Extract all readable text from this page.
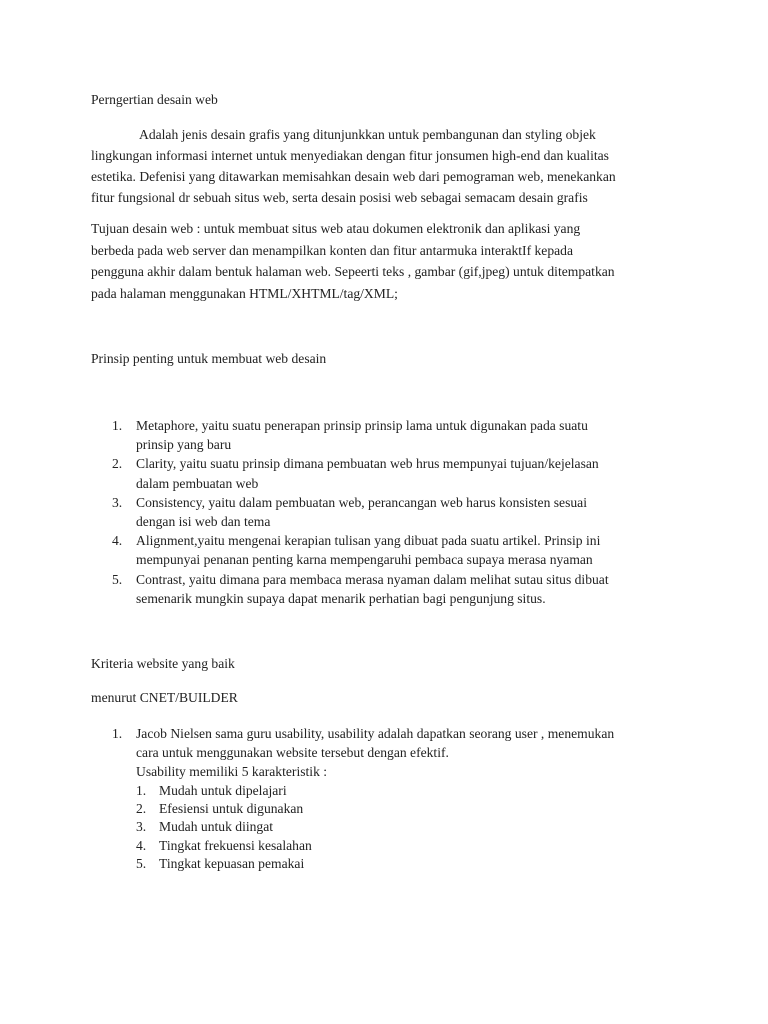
Perngertian desain web

Adalah jenis desain grafis yang ditunjunkkan untuk pembangunan dan styling objek
lingkungan informasi internet untuk menyediakan dengan fitur jonsumen high-end dan kualitas
estetika. Defenisi yang ditawarkan memisahkan desain web dari pemograman web, menekankan
fitur fungsional dr sebuah situs web, serta desain posisi web sebagai semacam desain grafis
Tujuan desain web : untuk membuat situs web atau dokumen elektronik dan aplikasi yang
berbeda pada web server dan menampilkan konten dan fitur antarmuka interaktIf kepada
pengguna akhir dalam bentuk halaman web. Sepeerti teks , gambar (gif,jpeg) untuk ditempatkan
pada halaman menggunakan HTML/XHTML/tag/XML;

Prinsip penting untuk membuat web desain

1. Metaphore, yaitu suatu penerapan prinsip prinsip lama untuk digunakan pada suatu
prinsip yang baru
2. Clarity, yaitu suatu prinsip dimana pembuatan web hrus mempunyai tujuan/kejelasan
dalam pembuatan web
3. Consistency, yaitu dalam pembuatan web, perancangan web harus konsisten sesuai
dengan isi web dan tema
4. Alignment,yaitu mengenai kerapian tulisan yang dibuat pada suatu artikel. Prinsip ini
mempunyai penanan penting karna mempengaruhi pembaca supaya merasa nyaman
5. Contrast, yaitu dimana para membaca merasa nyaman dalam melihat sutau situs dibuat
semenarik mungkin supaya dapat menarik perhatian bagi pengunjung situs.

Kriteria website yang baik

menurut CNET/BUILDER

1. Jacob Nielsen sama guru usability, usability adalah dapatkan seorang user , menemukan
cara untuk menggunakan website tersebut dengan efektif.
Usability memiliki 5 karakteristik :
1. Mudah untuk dipelajari
2. Efesiensi untuk digunakan
3. Mudah untuk diingat
4. Tingkat frekuensi kesalahan
5. Tingkat kepuasan pemakai
